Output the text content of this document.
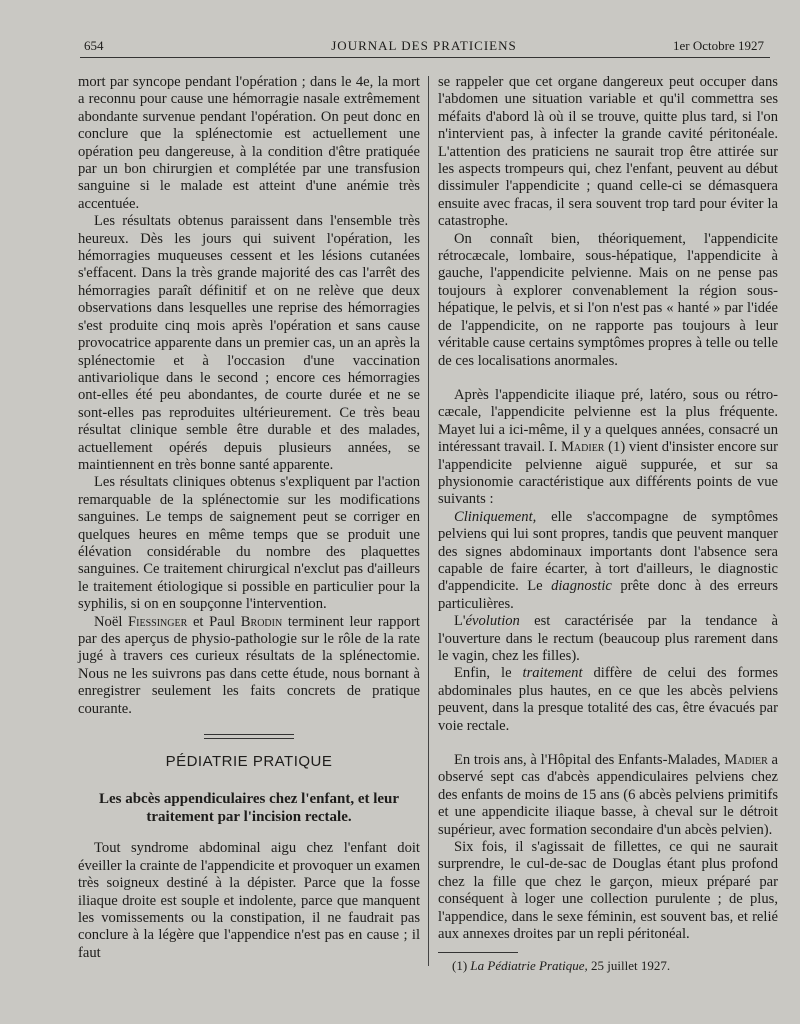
654	JOURNAL DES PRATICIENS	1er Octobre 1927

mort par syncope pendant l'opération ; dans le 4e, la mort a reconnu pour cause une hémorragie nasale extrêmement abondante survenue pendant l'opération. On peut donc en conclure que la splénectomie est actuellement une opération peu dangereuse, à la condition d'être pratiquée par un bon chirurgien et complétée par une transfusion sanguine si le malade est atteint d'une anémie très accentuée.

Les résultats obtenus paraissent dans l'ensemble très heureux. Dès les jours qui suivent l'opération, les hémorragies muqueuses cessent et les lésions cutanées s'effacent. Dans la très grande majorité des cas l'arrêt des hémorragies paraît définitif et on ne relève que deux observations dans lesquelles une reprise des hémorragies s'est produite cinq mois après l'opération et sans cause provocatrice apparente dans un premier cas, un an après la splénectomie et à l'occasion d'une vaccination antivariolique dans le second ; encore ces hémorragies ont-elles été peu abondantes, de courte durée et ne se sont-elles pas reproduites ultérieurement. Ce très beau résultat clinique semble être durable et des malades, actuellement opérés depuis plusieurs années, se maintiennent en très bonne santé apparente.

Les résultats cliniques obtenus s'expliquent par l'action remarquable de la splénectomie sur les modifications sanguines. Le temps de saignement peut se corriger en quelques heures en même temps que se produit une élévation considérable du nombre des plaquettes sanguines. Ce traitement chirurgical n'exclut pas d'ailleurs le traitement étiologique si possible en particulier pour la syphilis, si on en soupçonne l'intervention.

Noël Fiessinger et Paul Brodin terminent leur rapport par des aperçus de physio-pathologie sur le rôle de la rate jugé à travers ces curieux résultats de la splénectomie. Nous ne les suivrons pas dans cette étude, nous bornant à enregistrer seulement les faits concrets de pratique courante.

PÉDIATRIE PRATIQUE
Les abcès appendiculaires chez l'enfant, et leur traitement par l'incision rectale.

Tout syndrome abdominal aigu chez l'enfant doit éveiller la crainte de l'appendicite et provoquer un examen très soigneux destiné à la dépister. Parce que la fosse iliaque droite est souple et indolente, parce que manquent les vomissements ou la constipation, il ne faudrait pas conclure à la légère que l'appendice n'est pas en cause ; il faut

se rappeler que cet organe dangereux peut occuper dans l'abdomen une situation variable et qu'il commettra ses méfaits d'abord là où il se trouve, quitte plus tard, si l'on n'intervient pas, à infecter la grande cavité péritonéale. L'attention des praticiens ne saurait trop être attirée sur les aspects trompeurs qui, chez l'enfant, peuvent au début dissimuler l'appendicite ; quand celle-ci se démasquera ensuite avec fracas, il sera souvent trop tard pour éviter la catastrophe.

On connaît bien, théoriquement, l'appendicite rétrocæcale, lombaire, sous-hépatique, l'appendicite à gauche, l'appendicite pelvienne. Mais on ne pense pas toujours à explorer convenablement la région sous-hépatique, le pelvis, et si l'on n'est pas « hanté » par l'idée de l'appendicite, on ne rapporte pas toujours à leur véritable cause certains symptômes propres à telle ou telle de ces localisations anormales.

Après l'appendicite iliaque pré, latéro, sous ou rétro-cæcale, l'appendicite pelvienne est la plus fréquente. Mayet lui a ici-même, il y a quelques années, consacré un intéressant travail. I. Madier (1) vient d'insister encore sur l'appendicite pelvienne aiguë suppurée, et sur sa physionomie caractéristique aux différents points de vue suivants :

Cliniquement, elle s'accompagne de symptômes pelviens qui lui sont propres, tandis que peuvent manquer des signes abdominaux importants dont l'absence sera capable de faire écarter, à tort d'ailleurs, le diagnostic d'appendicite. Le diagnostic prête donc à des erreurs particulières.

L'évolution est caractérisée par la tendance à l'ouverture dans le rectum (beaucoup plus rarement dans le vagin, chez les filles).

Enfin, le traitement diffère de celui des formes abdominales plus hautes, en ce que les abcès pelviens peuvent, dans la presque totalité des cas, être évacués par voie rectale.

En trois ans, à l'Hôpital des Enfants-Malades, Madier a observé sept cas d'abcès appendiculaires pelviens chez des enfants de moins de 15 ans (6 abcès pelviens primitifs et une appendicite iliaque basse, à cheval sur le détroit supérieur, avec formation secondaire d'un abcès pelvien).

Six fois, il s'agissait de fillettes, ce qui ne saurait surprendre, le cul-de-sac de Douglas étant plus profond chez la fille que chez le garçon, mieux préparé par conséquent à loger une collection purulente ; de plus, l'appendice, dans le sexe féminin, est souvent bas, et relié aux annexes droites par un repli péritonéal.

(1) La Pédiatrie Pratique, 25 juillet 1927.
